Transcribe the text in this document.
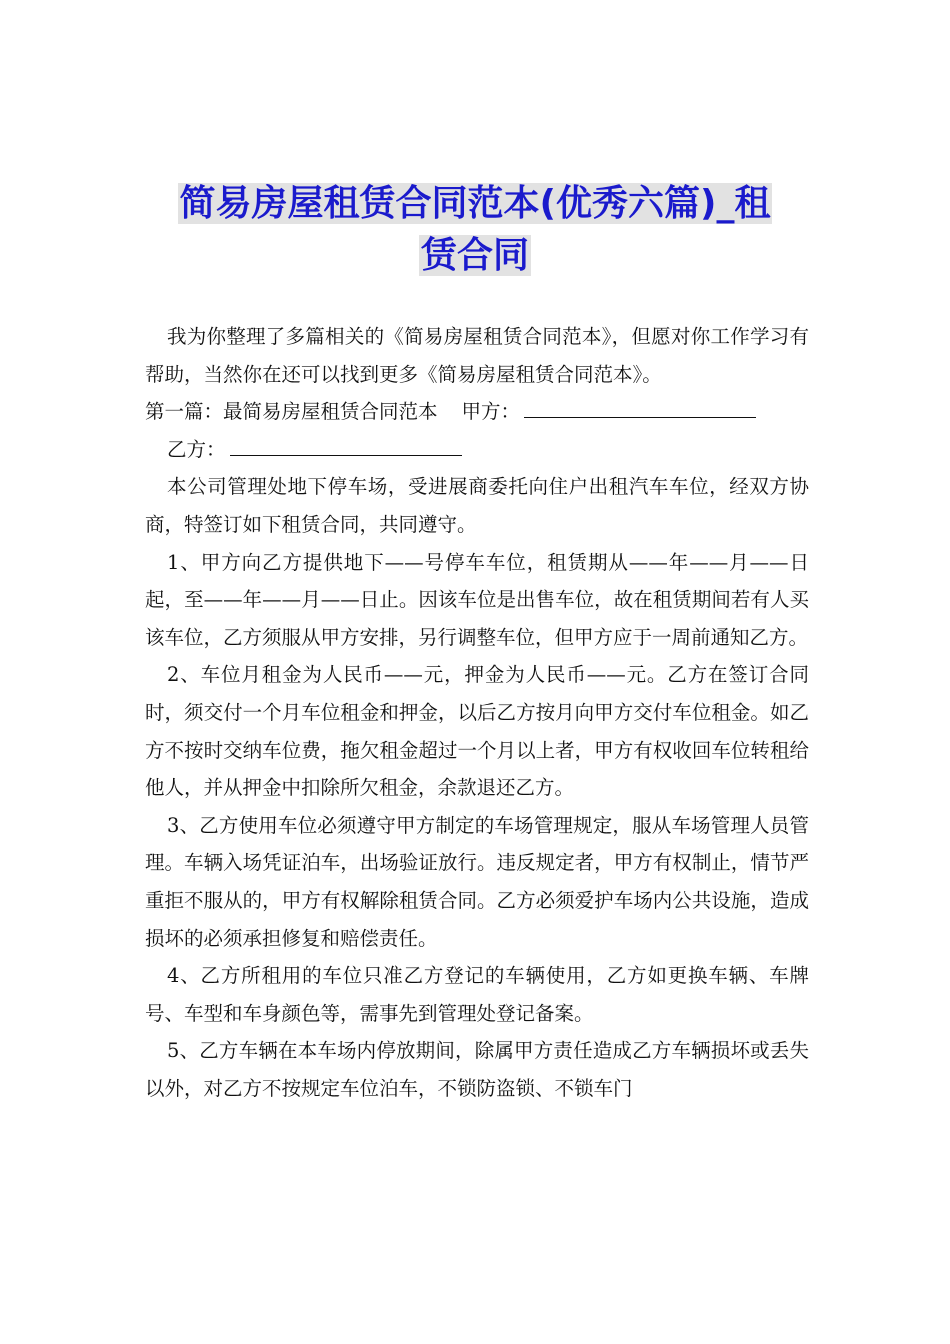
简易房屋租赁合同范本(优秀六篇)_租
赁合同

我为你整理了多篇相关的《简易房屋租赁合同范本》，但愿对你工作学习有帮助，当然你在还可以找到更多《简易房屋租赁合同范本》。

第一篇：最简易房屋租赁合同范本 甲方：

乙方：

本公司管理处地下停车场，受进展商委托向住户出租汽车车位，经双方协商，特签订如下租赁合同，共同遵守。

1、甲方向乙方提供地下——号停车车位，租赁期从——年——月——日起，至——年——月——日止。因该车位是出售车位，故在租赁期间若有人买该车位，乙方须服从甲方安排，另行调整车位，但甲方应于一周前通知乙方。

2、车位月租金为人民币——元，押金为人民币——元。乙方在签订合同时，须交付一个月车位租金和押金，以后乙方按月向甲方交付车位租金。如乙方不按时交纳车位费，拖欠租金超过一个月以上者，甲方有权收回车位转租给他人，并从押金中扣除所欠租金，余款退还乙方。

3、乙方使用车位必须遵守甲方制定的车场管理规定，服从车场管理人员管理。车辆入场凭证泊车，出场验证放行。违反规定者，甲方有权制止，情节严重拒不服从的，甲方有权解除租赁合同。乙方必须爱护车场内公共设施，造成损坏的必须承担修复和赔偿责任。

4、乙方所租用的车位只准乙方登记的车辆使用，乙方如更换车辆、车牌号、车型和车身颜色等，需事先到管理处登记备案。

5、乙方车辆在本车场内停放期间，除属甲方责任造成乙方车辆损坏或丢失以外，对乙方不按规定车位泊车，不锁防盗锁、不锁车门
